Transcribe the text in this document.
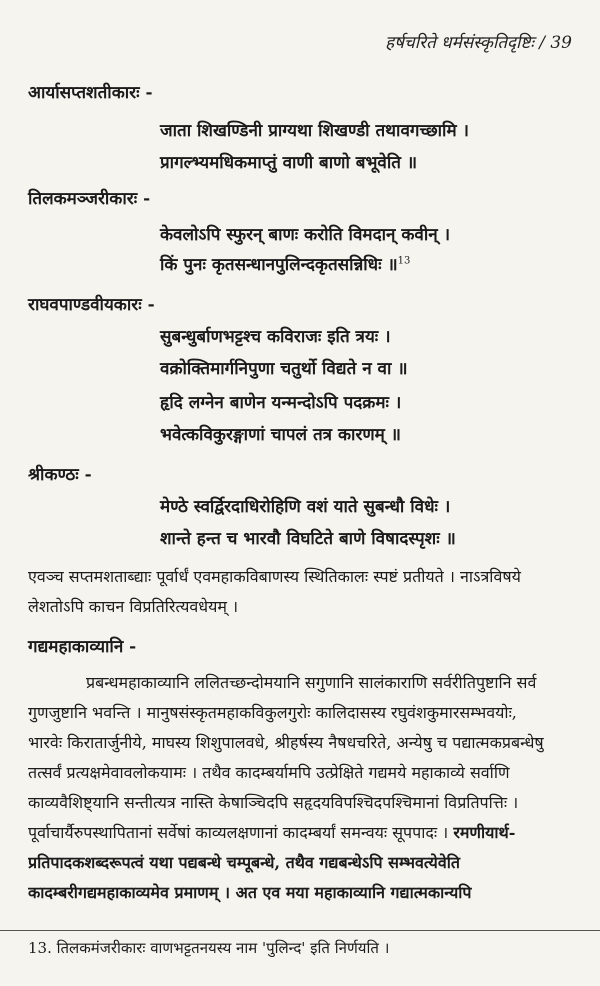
हर्षचरिते धर्मसंस्कृतिदृष्टिः / 39
आर्यासप्तशतीकारः -
जाता शिखण्डिनी प्राग्यथा शिखण्डी तथावगच्छामि ।
प्रागल्भ्यमधिकमाप्तुं वाणी बाणो बभूवेति ॥
तिलकमञ्जरीकारः -
केवलोऽपि स्फुरन् बाणः करोति विमदान् कवीन् ।
किं पुनः कृतसन्धानपुलिन्दकृतसन्निधिः ॥$^{13}$
राघवपाण्डवीयकारः -
सुबन्धुर्बाणभट्टश्च कविराजः इति त्रयः ।
वक्रोक्तिमार्गनिपुणा चतुर्थो विद्यते न वा ॥
हृदि लग्नेन बाणेन यन्मन्दोऽपि पदक्रमः ।
भवेत्कविकुरङ्गाणां चापलं तत्र कारणम् ॥
श्रीकण्ठः -
मेण्ठे स्वर्द्विरदाधिरोहिणि वशं याते सुबन्धौ विधेः ।
शान्ते हन्त च भारवौ विघटिते बाणे विषादस्पृशः ॥
एवञ्च सप्तमशताब्द्याः पूर्वार्धं एवमहाकविबाणस्य स्थितिकालः स्पष्टं प्रतीयते । नाऽत्रविषये
लेशतोऽपि काचन विप्रतिरित्यवधेयम् ।
गद्यमहाकाव्यानि -
प्रबन्धमहाकाव्यानि ललितच्छन्दोमयानि सगुणानि सालंकाराणि सर्वरीतिपुष्टानि सर्व
गुणजुष्टानि भवन्ति । मानुषसंस्कृतमहाकविकुलगुरोः कालिदासस्य रघुवंशकुमारसम्भवयोः,
भारवेः किरातार्जुनीये, माघस्य शिशुपालवधे, श्रीहर्षस्य नैषधचरिते, अन्येषु च पद्यात्मकप्रबन्धेषु
तत्सर्वं प्रत्यक्षमेवावलोकयामः । तथैव कादम्बर्यामपि उत्प्रेक्षिते गद्यमये महाकाव्ये सर्वाणि
काव्यवैशिष्ट्यानि सन्तीत्यत्र नास्ति केषाञ्चिदपि सहृदयविपश्चिदपश्चिमानां विप्रतिपत्तिः ।
पूर्वाचार्यैरुपस्थापितानां सर्वेषां काव्यलक्षणानां कादम्बर्यां समन्वयः सूपपादः । रमणीयार्थ-
प्रतिपादकशब्दरूपत्वं यथा पद्यबन्धे चम्पूबन्धे, तथैव गद्यबन्धेऽपि सम्भवत्येवेति
कादम्बरीगद्यमहाकाव्यमेव प्रमाणम् । अत एव मया महाकाव्यानि गद्यात्मकान्यपि
13. तिलकमंजरीकारः वाणभट्टतनयस्य नाम 'पुलिन्द' इति निर्णयति ।
